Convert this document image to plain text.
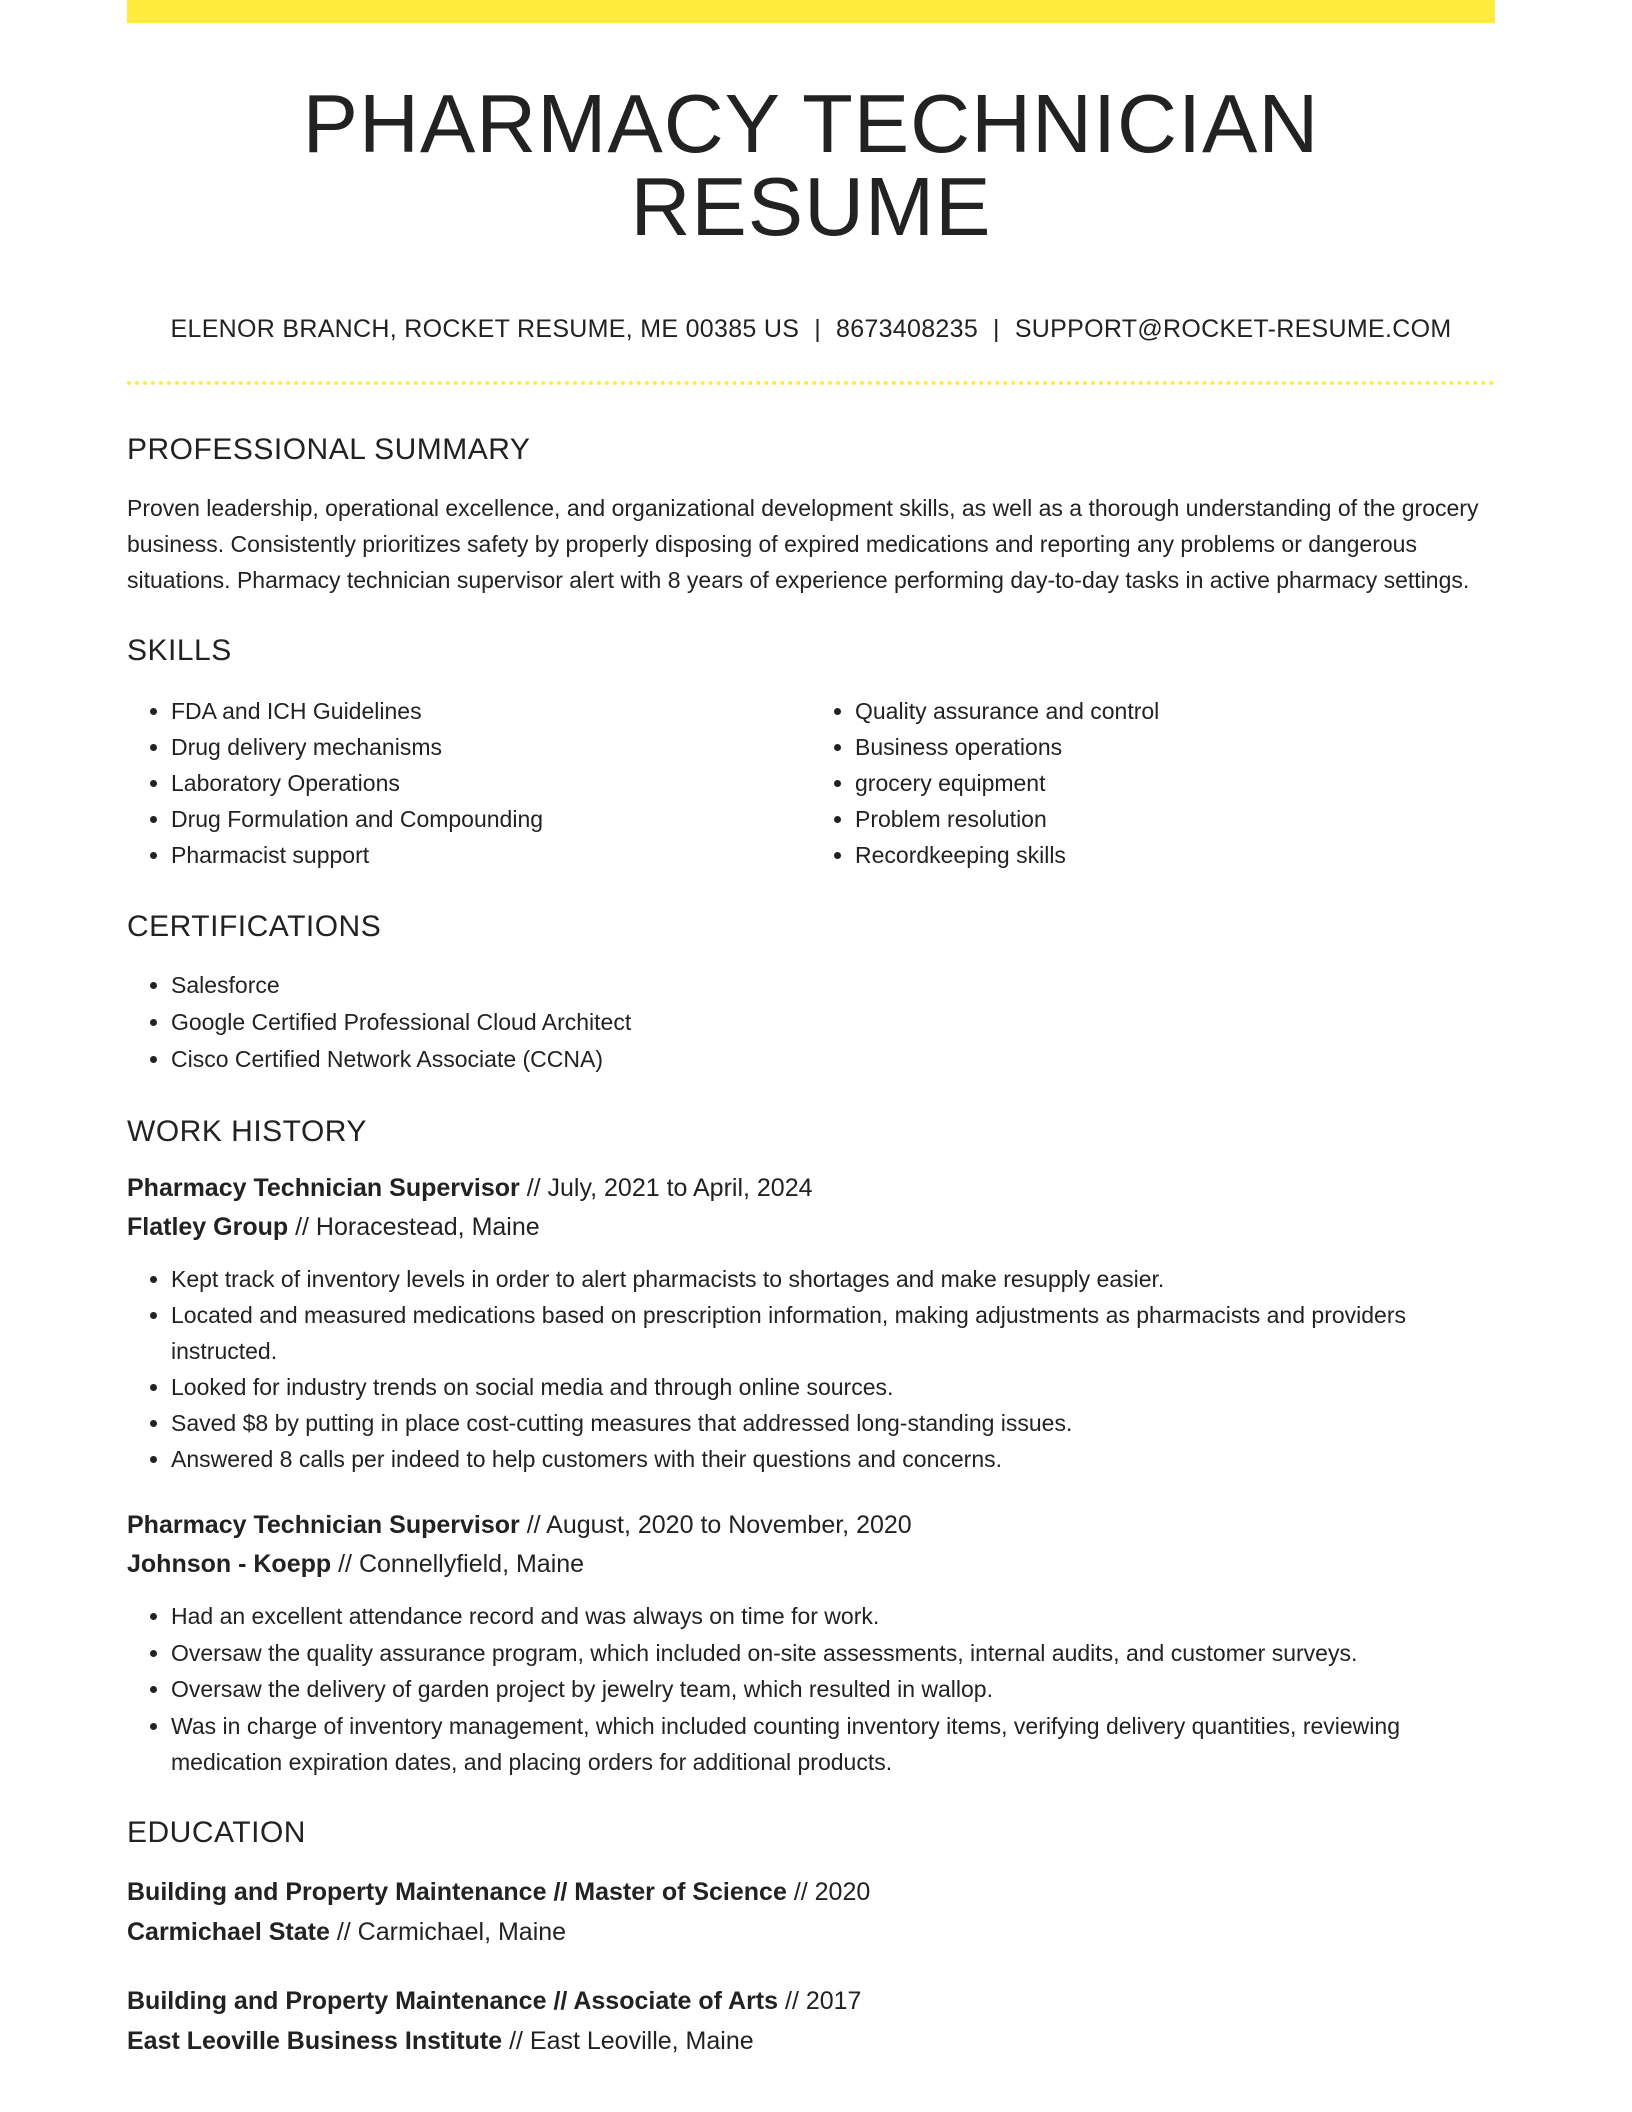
PHARMACY TECHNICIAN RESUME
ELENOR BRANCH, ROCKET RESUME, ME 00385 US | 8673408235 | SUPPORT@ROCKET-RESUME.COM
PROFESSIONAL SUMMARY

Proven leadership, operational excellence, and organizational development skills, as well as a thorough understanding of the grocery business. Consistently prioritizes safety by properly disposing of expired medications and reporting any problems or dangerous situations. Pharmacy technician supervisor alert with 8 years of experience performing day-to-day tasks in active pharmacy settings.

SKILLS
• FDA and ICH Guidelines
• Drug delivery mechanisms
• Laboratory Operations
• Drug Formulation and Compounding
• Pharmacist support
• Quality assurance and control
• Business operations
• grocery equipment
• Problem resolution
• Recordkeeping skills
CERTIFICATIONS
• Salesforce
• Google Certified Professional Cloud Architect
• Cisco Certified Network Associate (CCNA)
WORK HISTORY
Pharmacy Technician Supervisor // July, 2021 to April, 2024
Flatley Group // Horacestead, Maine
• Kept track of inventory levels in order to alert pharmacists to shortages and make resupply easier.
• Located and measured medications based on prescription information, making adjustments as pharmacists and providers instructed.
• Looked for industry trends on social media and through online sources.
• Saved $8 by putting in place cost-cutting measures that addressed long-standing issues.
• Answered 8 calls per indeed to help customers with their questions and concerns.
Pharmacy Technician Supervisor // August, 2020 to November, 2020
Johnson - Koepp // Connellyfield, Maine
• Had an excellent attendance record and was always on time for work.
• Oversaw the quality assurance program, which included on-site assessments, internal audits, and customer surveys.
• Oversaw the delivery of garden project by jewelry team, which resulted in wallop.
• Was in charge of inventory management, which included counting inventory items, verifying delivery quantities, reviewing medication expiration dates, and placing orders for additional products.
EDUCATION
Building and Property Maintenance // Master of Science // 2020
Carmichael State // Carmichael, Maine
Building and Property Maintenance // Associate of Arts // 2017
East Leoville Business Institute // East Leoville, Maine
